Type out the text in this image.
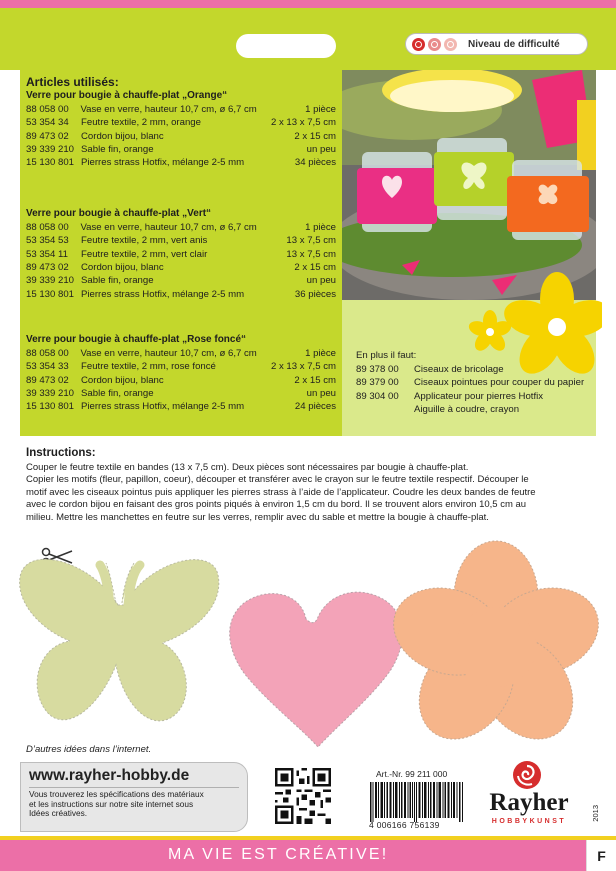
Niveau de difficulté
Articles utilisés:
Verre pour bougie à chauffe-plat „Orange“
88 058 00	Vase en verre, hauteur 10,7 cm, ø 6,7 cm	1 pièce
53 354 34	Feutre textile, 2 mm, orange	2 x 13 x 7,5 cm
89 473 02	Cordon bijou, blanc	2 x 15 cm
39 339 210 Sable fin, orange	un peu
15 130 801 Pierres strass Hotfix, mélange 2-5 mm	34 pièces
Verre pour bougie à chauffe-plat „Vert“
88 058 00	Vase en verre, hauteur 10,7 cm, ø 6,7 cm	1 pièce
53 354 53	Feutre textile, 2 mm, vert anis	13 x 7,5 cm
53 354 11	Feutre textile, 2 mm, vert clair	13 x 7,5 cm
89 473 02	Cordon bijou, blanc	2 x 15 cm
39 339 210 Sable fin, orange	un peu
15 130 801 Pierres strass Hotfix, mélange 2-5 mm	36 pièces
Verre pour bougie à chauffe-plat „Rose foncé“
88 058 00	Vase en verre, hauteur 10,7 cm, ø 6,7 cm	1 pièce
53 354 33	Feutre textile, 2 mm, rose foncé	2 x 13 x 7,5 cm
89 473 02	Cordon bijou, blanc	2 x 15 cm
39 339 210 Sable fin, orange	un peu
15 130 801 Pierres strass Hotfix, mélange 2-5 mm	24 pièces
En plus il faut:
89 378 00	Ciseaux de bricolage
89 379 00	Ciseaux pointues pour couper du papier
89 304 00	Applicateur pour pierres Hotfix
Aiguille à coudre, crayon
Instructions:

Couper le feutre textile en bandes (13 x 7,5 cm). Deux pièces sont nécessaires par bougie à chauffe-plat.

Copier les motifs (fleur, papillon, coeur), découper et transférer avec le crayon sur le feutre textile respectif. Découper le

motif avec les ciseaux pointus puis appliquer les pierres strass à l’aide de l’applicateur. Coudre les deux bandes de feutre

avec le cordon bijou en faisant des gros points piqués à environ 1,5 cm du bord. Il se trouvent alors environ 10,5 cm au

milieu. Mettre les manchettes en feutre sur les verres, remplir avec du sable et mettre la bougie à chauffe-plat.

D’autres idées dans l’internet.
www.rayher-hobby.de
Vous trouverez les spécifications des matériaux
et les instructions sur notre site internet sous
Idées créatives.
Art.-Nr. 99 211 000
4 006166 756139
Rayher
HOBBYKUNST	2013
MA VIE EST CRÉATIVE!	F
